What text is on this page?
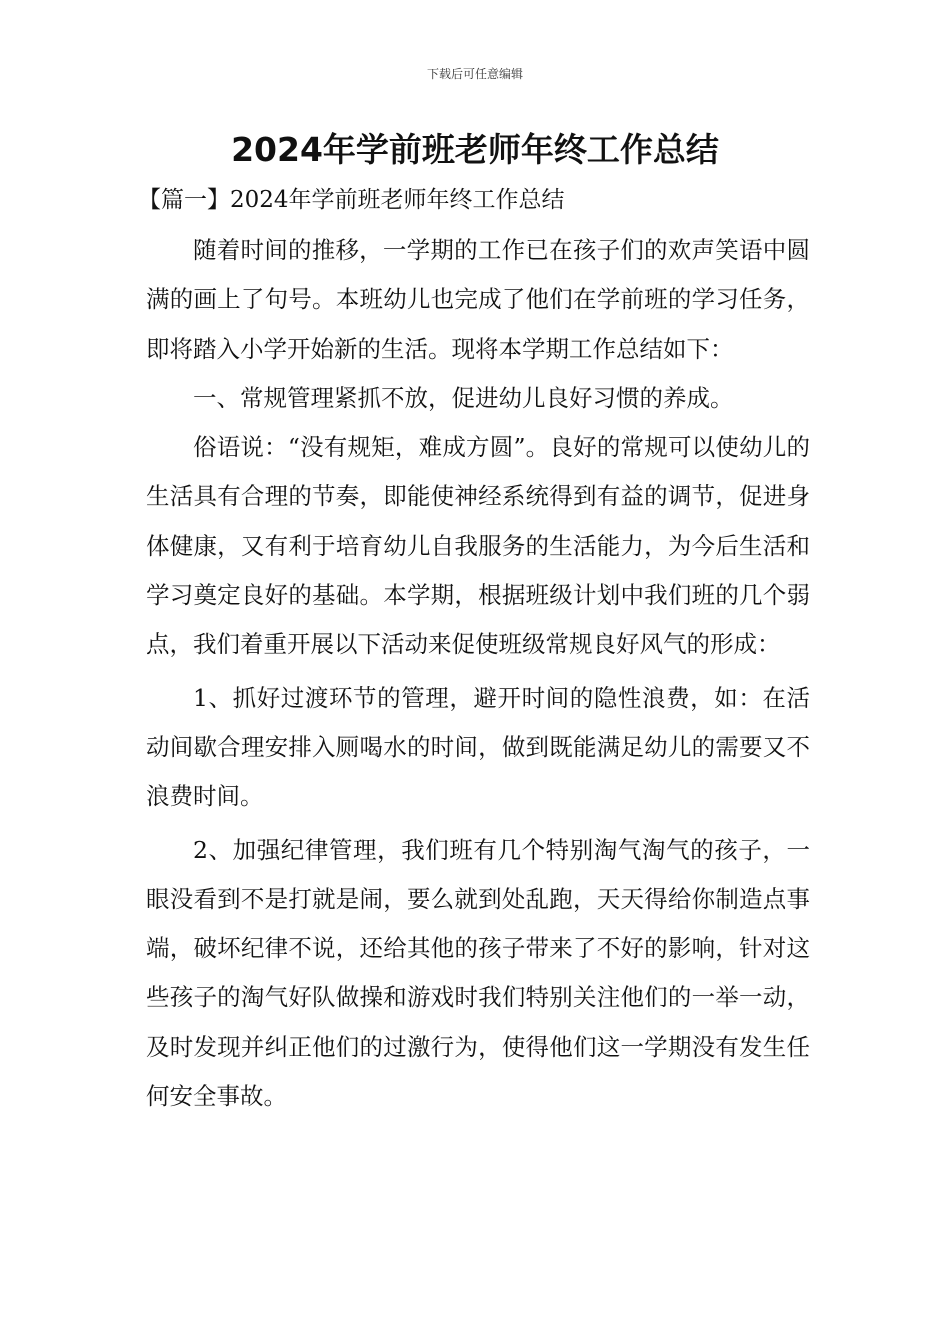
下载后可任意编辑
2024年学前班老师年终工作总结
【篇一】2024年学前班老师年终工作总结

随着时间的推移，一学期的工作已在孩子们的欢声笑语中圆满的画上了句号。本班幼儿也完成了他们在学前班的学习任务，即将踏入小学开始新的生活。现将本学期工作总结如下：

一、常规管理紧抓不放，促进幼儿良好习惯的养成。

俗语说：“没有规矩，难成方圆”。良好的常规可以使幼儿的生活具有合理的节奏，即能使神经系统得到有益的调节，促进身体健康，又有利于培育幼儿自我服务的生活能力，为今后生活和学习奠定良好的基础。本学期，根据班级计划中我们班的几个弱点，我们着重开展以下活动来促使班级常规良好风气的形成：

1、抓好过渡环节的管理，避开时间的隐性浪费，如：在活动间歇合理安排入厕喝水的时间，做到既能满足幼儿的需要又不浪费时间。

2、加强纪律管理，我们班有几个特别淘气淘气的孩子，一眼没看到不是打就是闹，要么就到处乱跑，天天得给你制造点事端，破坏纪律不说，还给其他的孩子带来了不好的影响，针对这些孩子的淘气好队做操和游戏时我们特别关注他们的一举一动，及时发现并纠正他们的过激行为，使得他们这一学期没有发生任何安全事故。
